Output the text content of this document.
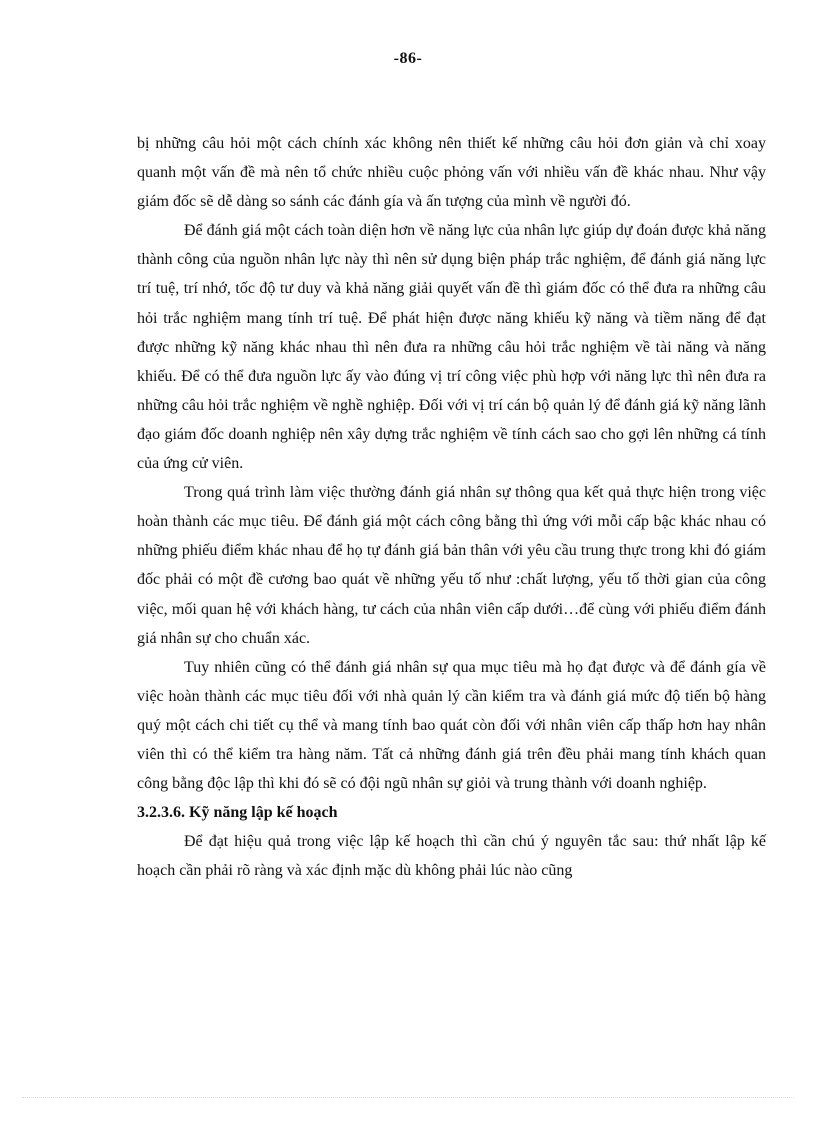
-86-

bị những câu hỏi một cách chính xác không nên thiết kế những câu hỏi đơn giản và chỉ xoay quanh một vấn đề mà nên tổ chức nhiều cuộc phỏng vấn với nhiều vấn đề khác nhau. Như vậy giám đốc sẽ dễ dàng so sánh các đánh gía và ấn tượng của mình về người đó.

Để đánh giá một cách toàn diện hơn về năng lực của nhân lực giúp dự đoán được khả năng thành công của nguồn nhân lực này thì nên sử dụng biện pháp trắc nghiệm, để đánh giá năng lực trí tuệ, trí nhớ, tốc độ tư duy và khả năng giải quyết vấn đề thì giám đốc có thể đưa ra những câu hỏi trắc nghiệm mang tính trí tuệ. Để phát hiện được năng khiếu kỹ năng và tiềm năng để đạt được những kỹ năng khác nhau thì nên đưa ra những câu hỏi trắc nghiệm về tài năng và năng khiếu. Để có thể đưa nguồn lực ấy vào đúng vị trí công việc phù hợp với năng lực thì nên đưa ra những câu hỏi trắc nghiệm về nghề nghiệp. Đối với vị trí cán bộ quản lý để đánh giá kỹ năng lãnh đạo giám đốc doanh nghiệp nên xây dựng trắc nghiệm về tính cách sao cho gợi lên những cá tính của ứng cử viên.

Trong quá trình làm việc thường đánh giá nhân sự thông qua kết quả thực hiện trong việc hoàn thành các mục tiêu. Để đánh giá một cách công bằng thì ứng với mỗi cấp bậc khác nhau có những phiếu điểm khác nhau để họ tự đánh giá bản thân với yêu cầu trung thực trong khi đó giám đốc phải có một đề cương bao quát về những yếu tố như :chất lượng, yếu tố thời gian của công việc, mối quan hệ với khách hàng, tư cách của nhân viên cấp dưới…để cùng với phiếu điểm đánh giá nhân sự cho chuẩn xác.

Tuy nhiên cũng có thể đánh giá nhân sự qua mục tiêu mà họ đạt được và để đánh gía về việc hoàn thành các mục tiêu đối với nhà quản lý cần kiểm tra và đánh giá mức độ tiến bộ hàng quý một cách chi tiết cụ thể và mang tính bao quát còn đối với nhân viên cấp thấp hơn hay nhân viên thì có thể kiểm tra hàng năm. Tất cả những đánh giá trên đều phải mang tính khách quan công bằng độc lập thì khi đó sẽ có đội ngũ nhân sự giỏi và trung thành với doanh nghiệp.

3.2.3.6. Kỹ năng lập kế hoạch

Để đạt hiệu quả trong việc lập kế hoạch thì cần chú ý nguyên tắc sau: thứ nhất lập kế hoạch cần phải rõ ràng và xác định mặc dù không phải lúc nào cũng
